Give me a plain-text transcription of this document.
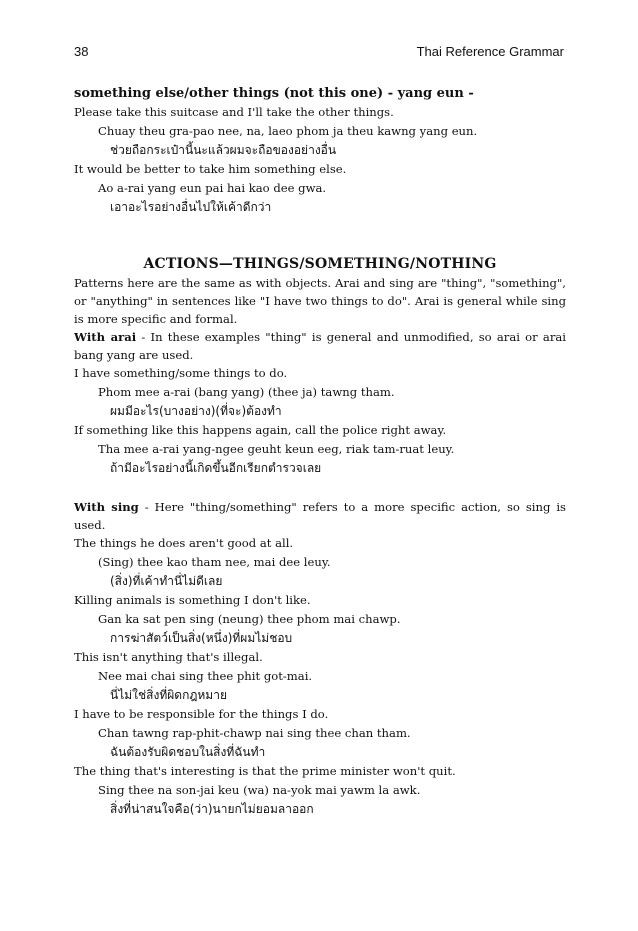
38	Thai Reference Grammar
something else/other things (not this one) - yang eun -
Please take this suitcase and I'll take the other things.
Chuay theu gra-pao nee, na, laeo phom ja theu kawng yang eun.
ช่วยถือกระเป๋านี้นะแล้วผมจะถือของอย่างอื่น
It would be better to take him something else.
Ao a-rai yang eun pai hai kao dee gwa.
เอาอะไรอย่างอื่นไปให้เค้าดีกว่า
ACTIONS—THINGS/SOMETHING/NOTHING
Patterns here are the same as with objects. Arai and sing are "thing", "something", or "anything" in sentences like "I have two things to do". Arai is general while sing is more specific and formal.
With arai - In these examples "thing" is general and unmodified, so arai or arai bang yang are used.
I have something/some things to do.
Phom mee a-rai (bang yang) (thee ja) tawng tham.
ผมมีอะไร(บางอย่าง)(ที่จะ)ต้องทำ
If something like this happens again, call the police right away.
Tha mee a-rai yang-ngee geuht keun eeg, riak tam-ruat leuy.
ถ้ามีอะไรอย่างนี้เกิดขึ้นอีกเรียกตำรวจเลย
With sing - Here "thing/something" refers to a more specific action, so sing is used.
The things he does aren't good at all.
(Sing) thee kao tham nee, mai dee leuy.
(สิ่ง)ที่เค้าทำนี่ไม่ดีเลย
Killing animals is something I don't like.
Gan ka sat pen sing (neung) thee phom mai chawp.
การฆ่าสัตว์เป็นสิ่ง(หนึ่ง)ที่ผมไม่ชอบ
This isn't anything that's illegal.
Nee mai chai sing thee phit got-mai.
นี่ไม่ใช่สิ่งที่ผิดกฎหมาย
I have to be responsible for the things I do.
Chan tawng rap-phit-chawp nai sing thee chan tham.
ฉันต้องรับผิดชอบในสิ่งที่ฉันทำ
The thing that's interesting is that the prime minister won't quit.
Sing thee na son-jai keu (wa) na-yok mai yawm la awk.
สิ่งที่น่าสนใจคือ(ว่า)นายกไม่ยอมลาออก
